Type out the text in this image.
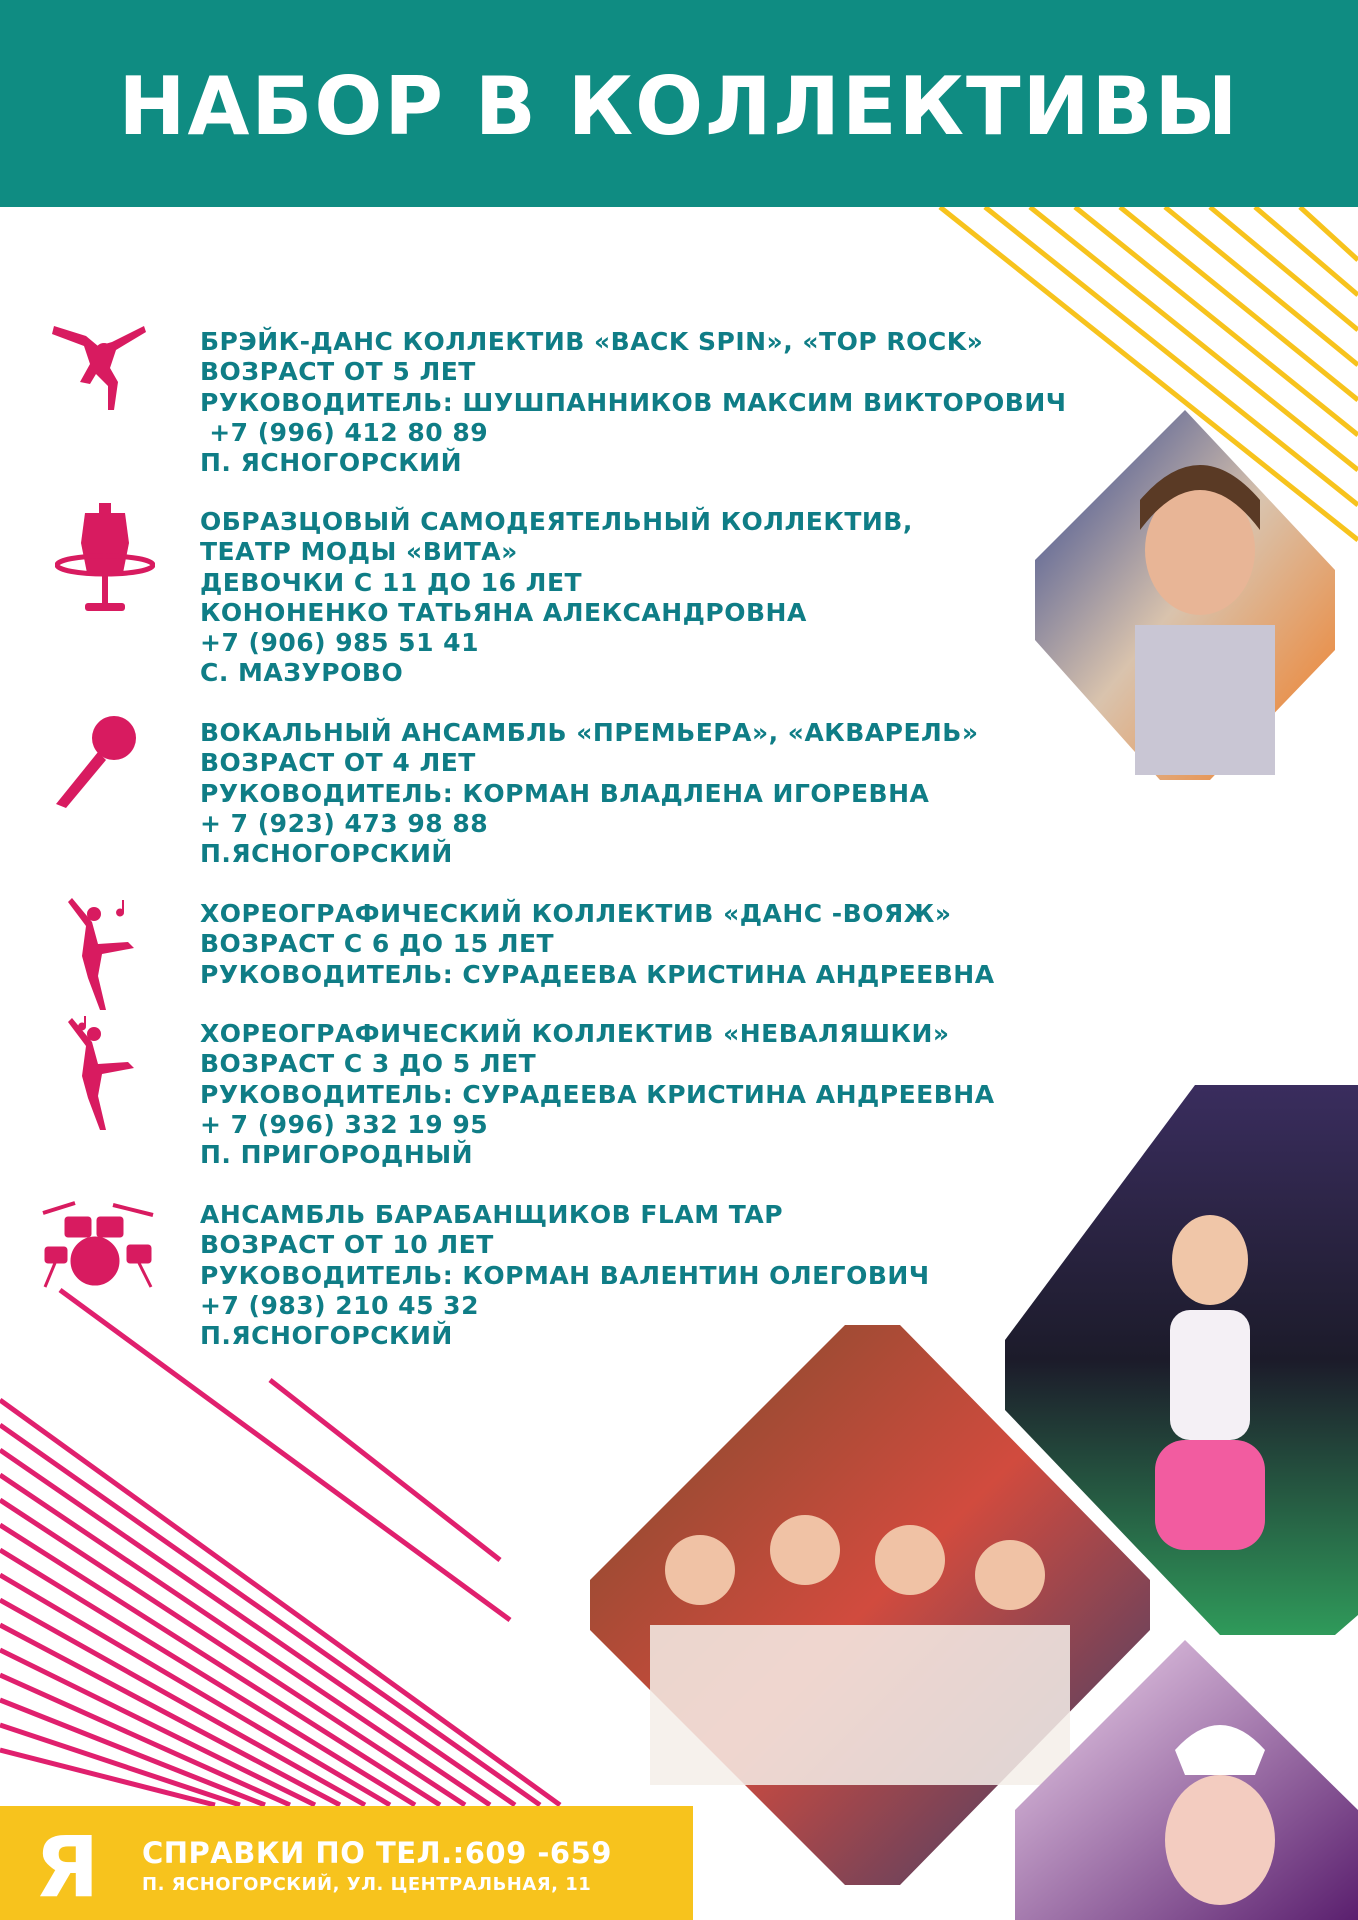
НАБОР В КОЛЛЕКТИВЫ
БРЭЙК-ДАНС КОЛЛЕКТИВ «BACK SPIN», «TOP ROCK»
ВОЗРАСТ ОТ 5 ЛЕТ
РУКОВОДИТЕЛЬ: ШУШПАННИКОВ МАКСИМ ВИКТОРОВИЧ
+7 (996) 412 80 89
П. ЯСНОГОРСКИЙ
ОБРАЗЦОВЫЙ САМОДЕЯТЕЛЬНЫЙ КОЛЛЕКТИВ,
ТЕАТР МОДЫ «ВИТА»
ДЕВОЧКИ С 11 ДО 16 ЛЕТ
КОНОНЕНКО ТАТЬЯНА АЛЕКСАНДРОВНА
+7 (906) 985 51 41
С. МАЗУРОВО
ВОКАЛЬНЫЙ АНСАМБЛЬ «ПРЕМЬЕРА», «АКВАРЕЛЬ»
ВОЗРАСТ ОТ 4 ЛЕТ
РУКОВОДИТЕЛЬ: КОРМАН ВЛАДЛЕНА ИГОРЕВНА
+ 7 (923) 473 98 88
П.ЯСНОГОРСКИЙ
ХОРЕОГРАФИЧЕСКИЙ КОЛЛЕКТИВ «ДАНС -ВОЯЖ»
ВОЗРАСТ С 6 ДО 15 ЛЕТ
РУКОВОДИТЕЛЬ: СУРАДЕЕВА КРИСТИНА АНДРЕЕВНА
ХОРЕОГРАФИЧЕСКИЙ КОЛЛЕКТИВ «НЕВАЛЯШКИ»
ВОЗРАСТ С 3 ДО 5 ЛЕТ
РУКОВОДИТЕЛЬ: СУРАДЕЕВА КРИСТИНА АНДРЕЕВНА
+ 7 (996) 332 19 95
П. ПРИГОРОДНЫЙ
АНСАМБЛЬ БАРАБАНЩИКОВ FLAM TAP
ВОЗРАСТ ОТ 10 ЛЕТ
РУКОВОДИТЕЛЬ: КОРМАН ВАЛЕНТИН ОЛЕГОВИЧ
+7 (983) 210 45 32
П.ЯСНОГОРСКИЙ
Я СПРАВКИ ПО ТЕЛ.:609 -659
П. ЯСНОГОРСКИЙ, УЛ. ЦЕНТРАЛЬНАЯ, 11
